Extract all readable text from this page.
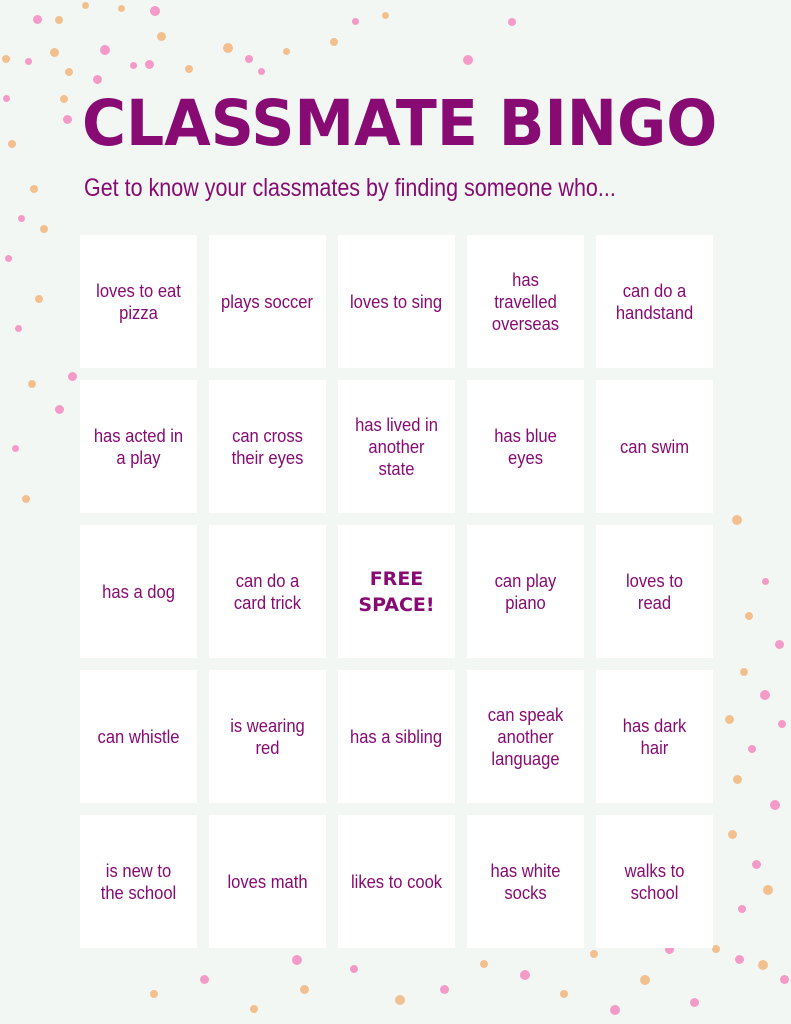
CLASSMATE BINGO
Get to know your classmates by finding someone who...
loves to eat pizza
plays soccer loves to sing
has travelled overseas
can do a handstand
has acted in a play
can cross their eyes
has lived in another state
has blue eyes
can swim
has a dog
can do a card trick
FREE SPACE!
can play piano
loves to read
can whistle
is wearing red
has a sibling
can speak another language
has dark hair
is new to the school
loves math likes to cook
has white socks
walks to school
